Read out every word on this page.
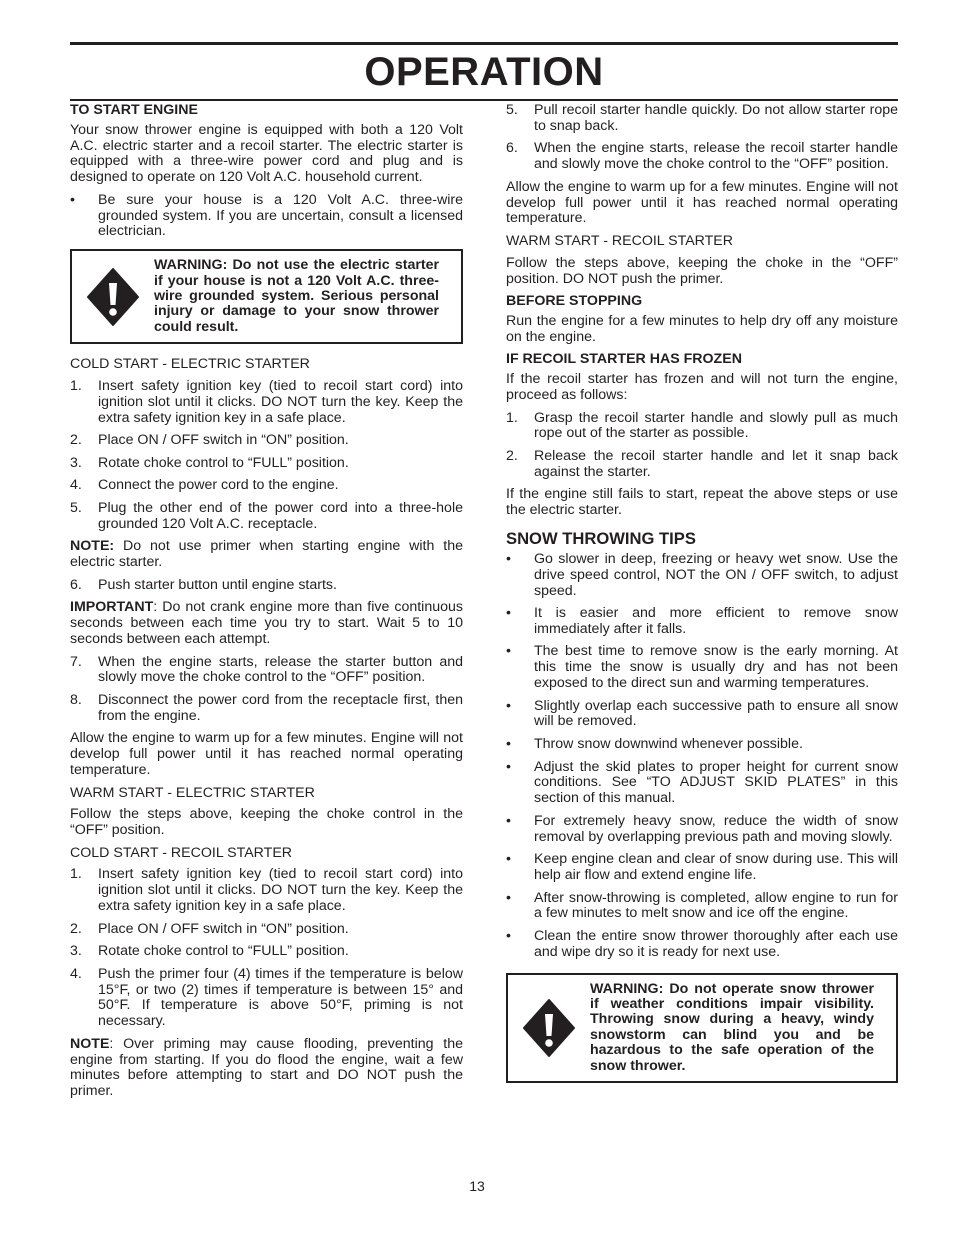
OPERATION

TO START ENGINE

Your snow thrower engine is equipped with both a 120 Volt A.C. electric starter and a recoil starter. The electric starter is equipped with a three-wire power cord and plug and is designed to operate on 120 Volt A.C. household current.

•	Be sure your house is a 120 Volt A.C. three-wire grounded system. If you are uncertain, consult a licensed electrician.
WARNING: Do not use the electric starter if your house is not a 120 Volt A.C. three-wire grounded system. Serious personal injury or damage to your snow thrower could result.

COLD START - ELECTRIC STARTER

1.	Insert safety ignition key (tied to recoil start cord) into ignition slot until it clicks. DO NOT turn the key. Keep the extra safety ignition key in a safe place.
2.	Place ON / OFF switch in “ON” position.
3.	Rotate choke control to “FULL” position.
4.	Connect the power cord to the engine.
5.	Plug the other end of the power cord into a three-hole grounded 120 Volt A.C. receptacle.

NOTE: Do not use primer when starting engine with the electric starter.

6.	Push starter button until engine starts.

IMPORTANT: Do not crank engine more than five continuous seconds between each time you try to start. Wait 5 to 10 seconds between each attempt.

7.	When the engine starts, release the starter button and slowly move the choke control to the “OFF” position.
8.	Disconnect the power cord from the receptacle first, then from the engine.

Allow the engine to warm up for a few minutes. Engine will not develop full power until it has reached normal operating temperature.

WARM START - ELECTRIC STARTER

Follow the steps above, keeping the choke control in the “OFF” position.

COLD START - RECOIL STARTER

1.	Insert safety ignition key (tied to recoil start cord) into ignition slot until it clicks. DO NOT turn the key. Keep the extra safety ignition key in a safe place.
2.	Place ON / OFF switch in “ON” position.
3.	Rotate choke control to “FULL” position.
4.	Push the primer four (4) times if the temperature is below 15°F, or two (2) times if temperature is between 15° and 50°F. If temperature is above 50°F, priming is not necessary.

NOTE: Over priming may cause flooding, preventing the engine from starting. If you do flood the engine, wait a few minutes before attempting to start and DO NOT push the primer.

5.	Pull recoil starter handle quickly. Do not allow starter rope to snap back.
6.	When the engine starts, release the recoil starter handle and slowly move the choke control to the “OFF” position.

Allow the engine to warm up for a few minutes. Engine will not develop full power until it has reached normal operating temperature.

WARM START - RECOIL STARTER

Follow the steps above, keeping the choke in the “OFF” position. DO NOT push the primer.

BEFORE STOPPING

Run the engine for a few minutes to help dry off any moisture on the engine.

IF RECOIL STARTER HAS FROZEN

If the recoil starter has frozen and will not turn the engine, proceed as follows:

1.	Grasp the recoil starter handle and slowly pull as much rope out of the starter as possible.
2.	Release the recoil starter handle and let it snap back against the starter.

If the engine still fails to start, repeat the above steps or use the electric starter.

SNOW THROWING TIPS
•	Go slower in deep, freezing or heavy wet snow. Use the drive speed control, NOT the ON / OFF switch, to adjust speed.
•	It is easier and more efficient to remove snow immediately after it falls.
•	The best time to remove snow is the early morning. At this time the snow is usually dry and has not been exposed to the direct sun and warming temperatures.
•	Slightly overlap each successive path to ensure all snow will be removed.
•	Throw snow downwind whenever possible.
•	Adjust the skid plates to proper height for current snow conditions. See “TO ADJUST SKID PLATES” in this section of this manual.
•	For extremely heavy snow, reduce the width of snow removal by overlapping previous path and moving slowly.
•	Keep engine clean and clear of snow during use. This will help air flow and extend engine life.
•	After snow-throwing is completed, allow engine to run for a few minutes to melt snow and ice off the engine.
•	Clean the entire snow thrower thoroughly after each use and wipe dry so it is ready for next use.
WARNING: Do not operate snow thrower if weather conditions impair visibility. Throwing snow during a heavy, windy snowstorm can blind you and be hazardous to the safe operation of the snow thrower.
13
